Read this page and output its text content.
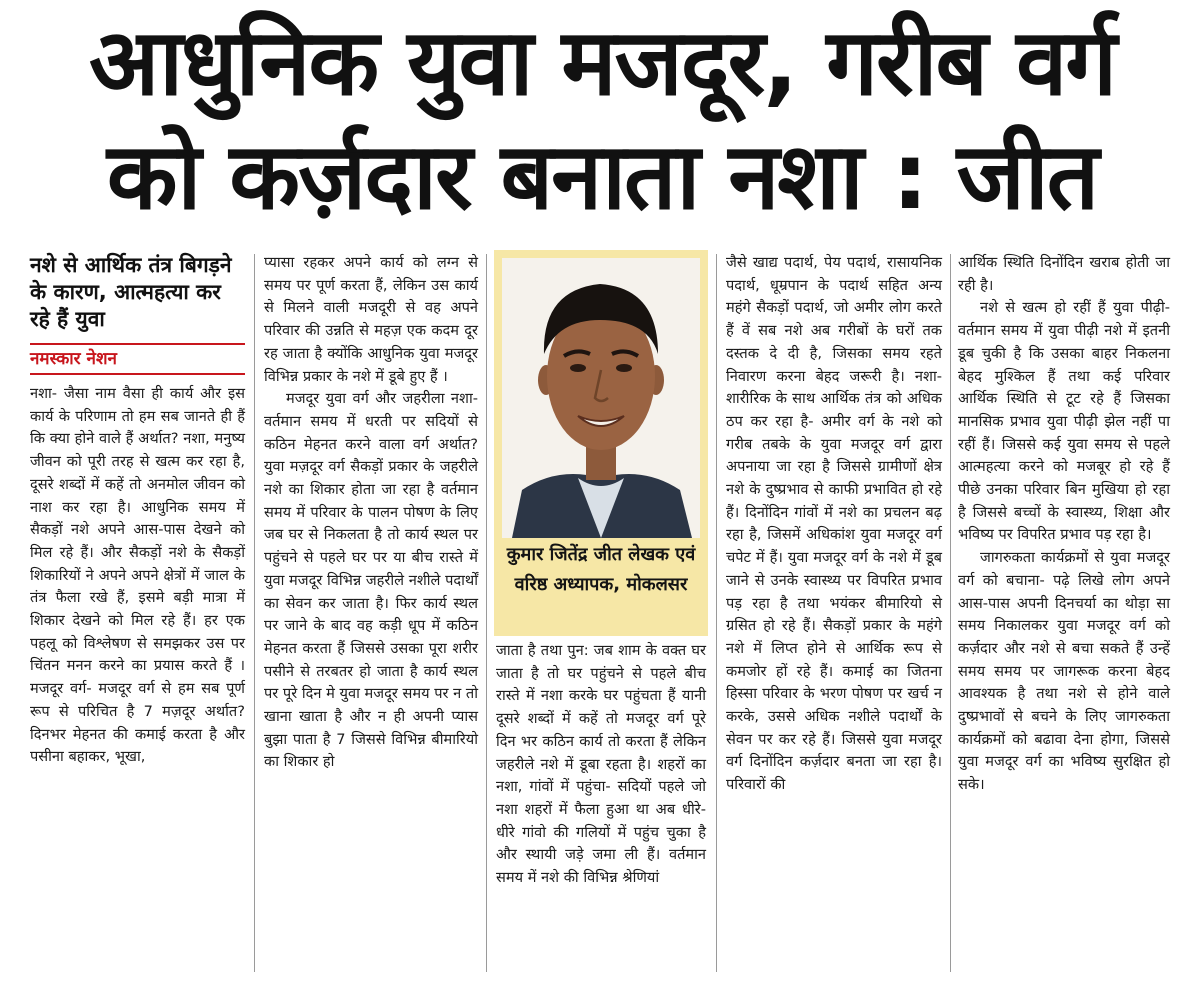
आधुनिक युवा मजदूर, गरीब वर्ग
को कर्ज़दार बनाता नशा : जीत
नशे से आर्थिक तंत्र बिगड़ने के कारण, आत्महत्या कर रहे हैं युवा
नमस्कार नेशन

नशा- जैसा नाम वैसा ही कार्य और इस कार्य के परिणाम तो हम सब जानते ही हैं कि क्या होने वाले हैं अर्थात? नशा, मनुष्य जीवन को पूरी तरह से खत्म कर रहा है, दूसरे शब्दों में कहें तो अनमोल जीवन को नाश कर रहा है। आधुनिक समय में सैकड़ों नशे अपने आस-पास देखने को मिल रहे हैं। और सैकड़ों नशे के सैकड़ों शिकारियों ने अपने अपने क्षेत्रों में जाल के तंत्र फैला रखे हैं, इसमे बड़ी मात्रा में शिकार देखने को मिल रहे हैं। हर एक पहलू को विश्लेषण से समझकर उस पर चिंतन मनन करने का प्रयास करते हैं । मजदूर वर्ग- मजदूर वर्ग से हम सब पूर्ण रूप से परिचित है 7 मज़दूर अर्थात? दिनभर मेहनत की कमाई करता है और पसीना बहाकर, भूखा,

प्यासा रहकर अपने कार्य को लग्न से समय पर पूर्ण करता हैं, लेकिन उस कार्य से मिलने वाली मजदूरी से वह अपने परिवार की उन्नति से महज़ एक कदम दूर रह जाता है क्योंकि आधुनिक युवा मजदूर विभिन्न प्रकार के नशे में डूबे हुए हैं ।

मजदूर युवा वर्ग और जहरीला नशा- वर्तमान समय में धरती पर सदियों से कठिन मेहनत करने वाला वर्ग अर्थात? युवा मज़दूर वर्ग सैकड़ों प्रकार के जहरीले नशे का शिकार होता जा रहा है वर्तमान समय में परिवार के पालन पोषण के लिए जब घर से निकलता है तो कार्य स्थल पर पहुंचने से पहले घर पर या बीच रास्ते में युवा मजदूर विभिन्न जहरीले नशीले पदार्थों का सेवन कर जाता है। फिर कार्य स्थल पर जाने के बाद वह कड़ी धूप में कठिन मेहनत करता हैं जिससे उसका पूरा शरीर पसीने से तरबतर हो जाता है कार्य स्थल पर पूरे दिन मे युवा मजदूर समय पर न तो खाना खाता है और न ही अपनी प्यास बुझा पाता है 7 जिससे विभिन्न बीमारियो का शिकार हो

कुमार जितेंद्र जीत लेखक एवं वरिष्ठ अध्यापक, मोकलसर

जाता है तथा पुन: जब शाम के वक्त घर जाता है तो घर पहुंचने से पहले बीच रास्ते में नशा करके घर पहुंचता हैं यानी दूसरे शब्दों में कहें तो मजदूर वर्ग पूरे दिन भर कठिन कार्य तो करता हैं लेकिन जहरीले नशे में डूबा रहता है। शहरों का नशा, गांवों में पहुंचा- सदियों पहले जो नशा शहरों में फैला हुआ था अब धीरे-धीरे गांवो की गलियों में पहुंच चुका है और स्थायी जड़े जमा ली हैं। वर्तमान समय में नशे की विभिन्न श्रेणियां

जैसे खाद्य पदार्थ, पेय पदार्थ, रासायनिक पदार्थ, धूम्रपान के पदार्थ सहित अन्य महंगे सैकड़ों पदार्थ, जो अमीर लोग करते हैं वें सब नशे अब गरीबों के घरों तक दस्तक दे दी है, जिसका समय रहते निवारण करना बेहद जरूरी है। नशा- शारीरिक के साथ आर्थिक तंत्र को अधिक ठप कर रहा है- अमीर वर्ग के नशे को गरीब तबके के युवा मजदूर वर्ग द्वारा अपनाया जा रहा है जिससे ग्रामीणों क्षेत्र नशे के दुष्प्रभाव से काफी प्रभावित हो रहे हैं। दिनोंदिन गांवों में नशे का प्रचलन बढ़ रहा है, जिसमें अधिकांश युवा मजदूर वर्ग चपेट में हैं। युवा मजदूर वर्ग के नशे में डूब जाने से उनके स्वास्थ्य पर विपरित प्रभाव पड़ रहा है तथा भयंकर बीमारियो से ग्रसित हो रहे हैं। सैकड़ों प्रकार के महंगे नशे में लिप्त होने से आर्थिक रूप से कमजोर हों रहे हैं। कमाई का जितना हिस्सा परिवार के भरण पोषण पर खर्च न करके, उससे अधिक नशीले पदार्थों के सेवन पर कर रहे हैं। जिससे युवा मजदूर वर्ग दिनोंदिन कर्ज़दार बनता जा रहा है। परिवारों की

आर्थिक स्थिति दिनोंदिन खराब होती जा रही है।

नशे से खत्म हो रहीं हैं युवा पीढ़ी- वर्तमान समय में युवा पीढ़ी नशे में इतनी डूब चुकी है कि उसका बाहर निकलना बेहद मुश्किल हैं तथा कई परिवार आर्थिक स्थिति से टूट रहे हैं जिसका मानसिक प्रभाव युवा पीढ़ी झेल नहीं पा रहीं हैं। जिससे कई युवा समय से पहले आत्महत्या करने को मजबूर हो रहे हैं पीछे उनका परिवार बिन मुखिया हो रहा है जिससे बच्चों के स्वास्थ्य, शिक्षा और भविष्य पर विपरित प्रभाव पड़ रहा है।

जागरुकता कार्यक्रमों से युवा मजदूर वर्ग को बचाना- पढ़े लिखे लोग अपने आस-पास अपनी दिनचर्या का थोड़ा सा समय निकालकर युवा मजदूर वर्ग को कर्ज़दार और नशे से बचा सकते हैं उन्हें समय समय पर जागरूक करना बेहद आवश्यक है तथा नशे से होने वाले दुष्प्रभावों से बचने के लिए जागरुकता कार्यक्रमों को बढावा देना होगा, जिससे युवा मजदूर वर्ग का भविष्य सुरक्षित हो सके।
